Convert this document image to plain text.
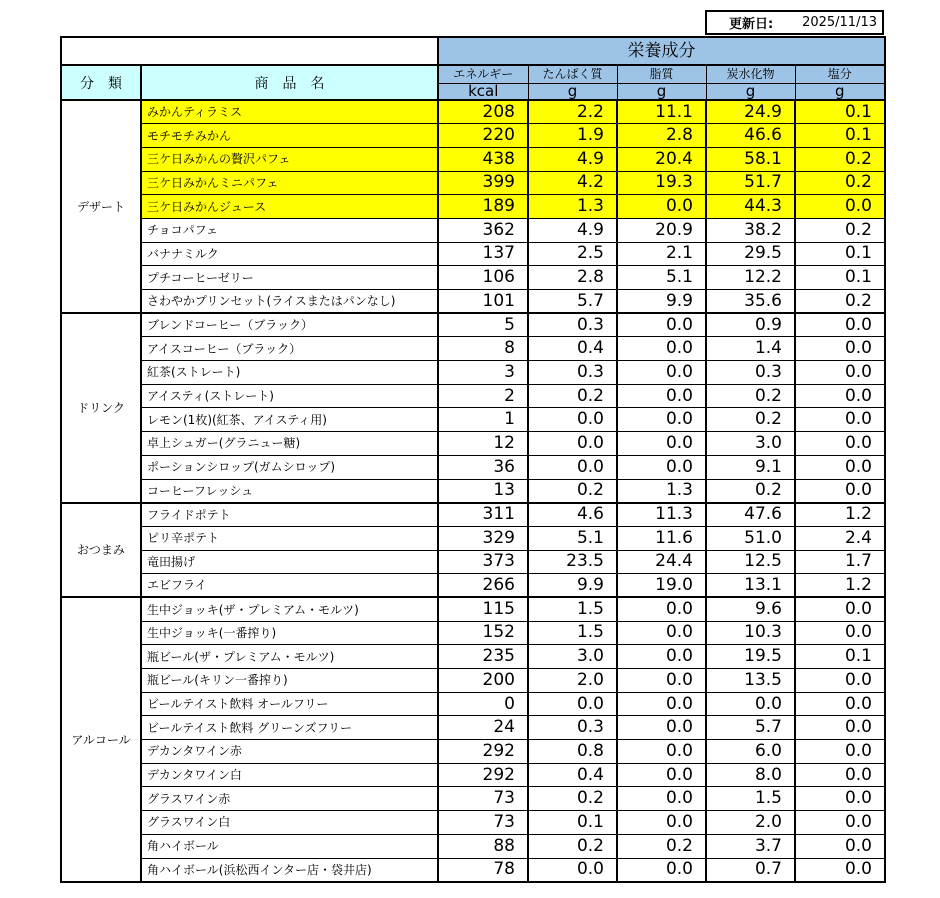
更新日: 2025/11/13
		栄養成分				
分　類	商　品　名	エネルギー	たんぱく質	脂質	炭水化物	塩分
		kcal	g	g	g	g
デザート	みかんティラミス	208	2.2	11.1	24.9	0.1
	モチモチみかん	220	1.9	2.8	46.6	0.1
	三ケ日みかんの贅沢パフェ	438	4.9	20.4	58.1	0.2
	三ケ日みかんミニパフェ	399	4.2	19.3	51.7	0.2
	三ケ日みかんジュース	189	1.3	0.0	44.3	0.0
	チョコパフェ	362	4.9	20.9	38.2	0.2
	バナナミルク	137	2.5	2.1	29.5	0.1
	プチコーヒーゼリー	106	2.8	5.1	12.2	0.1
	さわやかプリンセット(ライスまたはパンなし)	101	5.7	9.9	35.6	0.2
ドリンク	ブレンドコーヒー（ブラック）	5	0.3	0.0	0.9	0.0
	アイスコーヒー（ブラック）	8	0.4	0.0	1.4	0.0
	紅茶(ストレート)	3	0.3	0.0	0.3	0.0
	アイスティ(ストレート)	2	0.2	0.0	0.2	0.0
	レモン(1枚)(紅茶、アイスティ用)	1	0.0	0.0	0.2	0.0
	卓上シュガー(グラニュー糖)	12	0.0	0.0	3.0	0.0
	ポーションシロップ(ガムシロップ)	36	0.0	0.0	9.1	0.0
	コーヒーフレッシュ	13	0.2	1.3	0.2	0.0
おつまみ	フライドポテト	311	4.6	11.3	47.6	1.2
	ピリ辛ポテト	329	5.1	11.6	51.0	2.4
	竜田揚げ	373	23.5	24.4	12.5	1.7
	エビフライ	266	9.9	19.0	13.1	1.2
アルコール	生中ジョッキ(ザ・プレミアム・モルツ)	115	1.5	0.0	9.6	0.0
	生中ジョッキ(一番搾り)	152	1.5	0.0	10.3	0.0
	瓶ビール(ザ・プレミアム・モルツ)	235	3.0	0.0	19.5	0.1
	瓶ビール(キリン一番搾り)	200	2.0	0.0	13.5	0.0
	ビールテイスト飲料 オールフリー	0	0.0	0.0	0.0	0.0
	ビールテイスト飲料 グリーンズフリー	24	0.3	0.0	5.7	0.0
	デカンタワイン赤	292	0.8	0.0	6.0	0.0
	デカンタワイン白	292	0.4	0.0	8.0	0.0
	グラスワイン赤	73	0.2	0.0	1.5	0.0
	グラスワイン白	73	0.1	0.0	2.0	0.0
	角ハイボール	88	0.2	0.2	3.7	0.0
	角ハイボール(浜松西インター店・袋井店)	78	0.0	0.0	0.7	0.0
